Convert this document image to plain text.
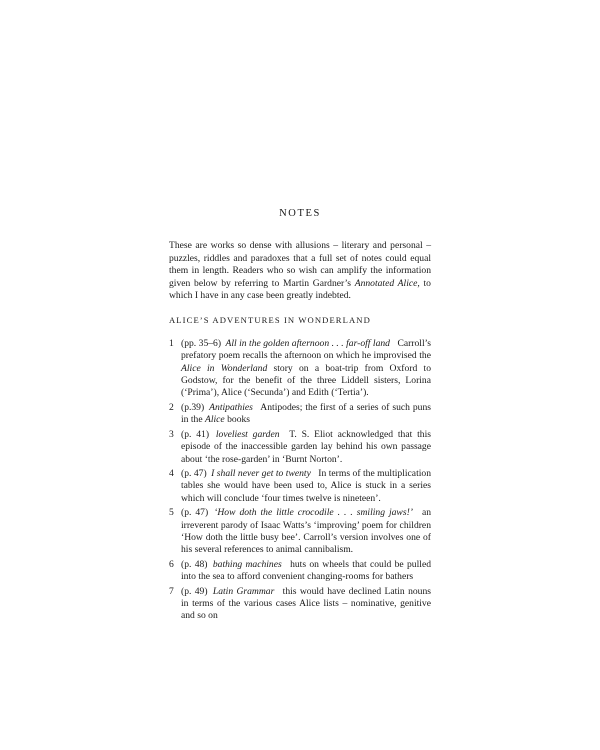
NOTES

These are works so dense with allusions – literary and personal – puzzles, riddles and paradoxes that a full set of notes could equal them in length. Readers who so wish can amplify the information given below by referring to Martin Gardner’s Annotated Alice, to which I have in any case been greatly indebted.

ALICE’S ADVENTURES IN WONDERLAND
1 (pp. 35–6) All in the golden afternoon . . . far-off land Carroll’s prefatory poem recalls the afternoon on which he improvised the Alice in Wonderland story on a boat-trip from Oxford to Godstow, for the benefit of the three Liddell sisters, Lorina (‘Prima’), Alice (‘Secunda’) and Edith (‘Tertia’).
2 (p.39) Antipathies Antipodes; the first of a series of such puns in the Alice books
3 (p. 41) loveliest garden T. S. Eliot acknowledged that this episode of the inaccessible garden lay behind his own passage about ‘the rose-garden’ in ‘Burnt Norton’.
4 (p. 47) I shall never get to twenty In terms of the multiplication tables she would have been used to, Alice is stuck in a series which will conclude ‘four times twelve is nineteen’.
5 (p. 47) ‘How doth the little crocodile . . . smiling jaws!’ an irreverent parody of Isaac Watts’s ‘improving’ poem for children ‘How doth the little busy bee’. Carroll’s version involves one of his several references to animal cannibalism.
6 (p. 48) bathing machines huts on wheels that could be pulled into the sea to afford convenient changing-rooms for bathers
7 (p. 49) Latin Grammar this would have declined Latin nouns in terms of the various cases Alice lists – nominative, genitive and so on
